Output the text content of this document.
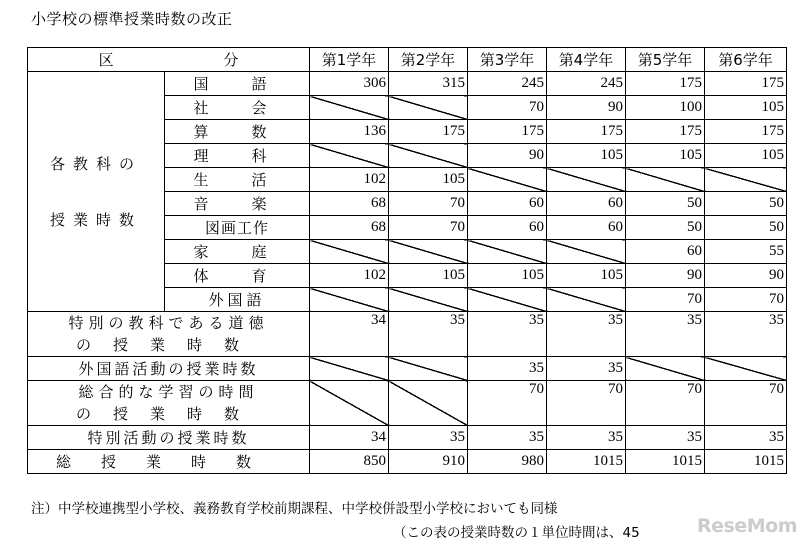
小学校の標準授業時数の改正
区 分		第1学年	第2学年	第3学年	第4学年	第5学年	第6学年

各教科の
授業時数	国　語	306	315	245	245	175	175
	社　会			70	90	100	105
	算　数	136	175	175	175	175	175
	理　科			90	105	105	105
	生　活	102	105				
	音　楽	68	70	60	60	50	50
	図画工作	68	70	60	60	50	50
	家　庭					60	55
	体　育	102	105	105	105	90	90
	外国語					70	70

特別の教科である道徳
の授業時数		34	35	35	35	35	35
外国語活動の授業時数				35	35		

総合的な学習の時間
の授業時数				70	70	70	70
特別活動の授業時数		34	35	35	35	35	35
総授業時数		850	910	980	1015	1015	1015
注）中学校連携型小学校、義務教育学校前期課程、中学校併設型小学校においても同様
（この表の授業時数の１単位時間は、45	ReseMom
